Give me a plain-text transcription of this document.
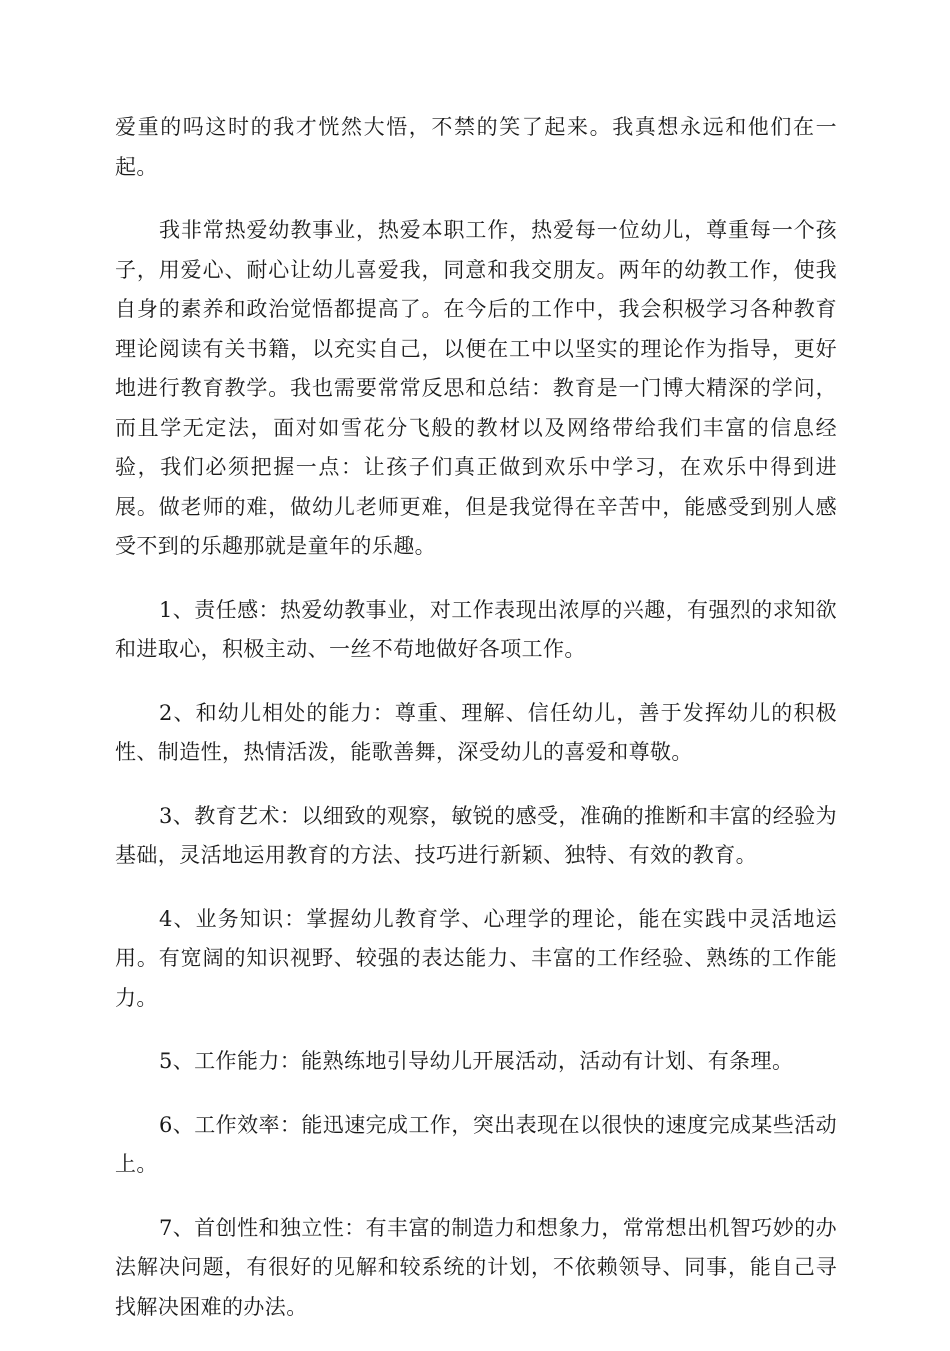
爱重的吗这时的我才恍然大悟，不禁的笑了起来。我真想永远和他们在一起。

我非常热爱幼教事业，热爱本职工作，热爱每一位幼儿，尊重每一个孩子，用爱心、耐心让幼儿喜爱我，同意和我交朋友。两年的幼教工作，使我自身的素养和政治觉悟都提高了。在今后的工作中，我会积极学习各种教育理论阅读有关书籍，以充实自己，以便在工中以坚实的理论作为指导，更好地进行教育教学。我也需要常常反思和总结：教育是一门博大精深的学问，而且学无定法，面对如雪花分飞般的教材以及网络带给我们丰富的信息经验，我们必须把握一点：让孩子们真正做到欢乐中学习，在欢乐中得到进展。做老师的难，做幼儿老师更难，但是我觉得在辛苦中，能感受到别人感受不到的乐趣那就是童年的乐趣。

1、责任感：热爱幼教事业，对工作表现出浓厚的兴趣，有强烈的求知欲和进取心，积极主动、一丝不苟地做好各项工作。

2、和幼儿相处的能力：尊重、理解、信任幼儿，善于发挥幼儿的积极性、制造性，热情活泼，能歌善舞，深受幼儿的喜爱和尊敬。

3、教育艺术：以细致的观察，敏锐的感受，准确的推断和丰富的经验为基础，灵活地运用教育的方法、技巧进行新颖、独特、有效的教育。

4、业务知识：掌握幼儿教育学、心理学的理论，能在实践中灵活地运用。有宽阔的知识视野、较强的表达能力、丰富的工作经验、熟练的工作能力。

5、工作能力：能熟练地引导幼儿开展活动，活动有计划、有条理。

6、工作效率：能迅速完成工作，突出表现在以很快的速度完成某些活动上。

7、首创性和独立性：有丰富的制造力和想象力，常常想出机智巧妙的办法解决问题，有很好的见解和较系统的计划，不依赖领导、同事，能自己寻找解决困难的办法。
